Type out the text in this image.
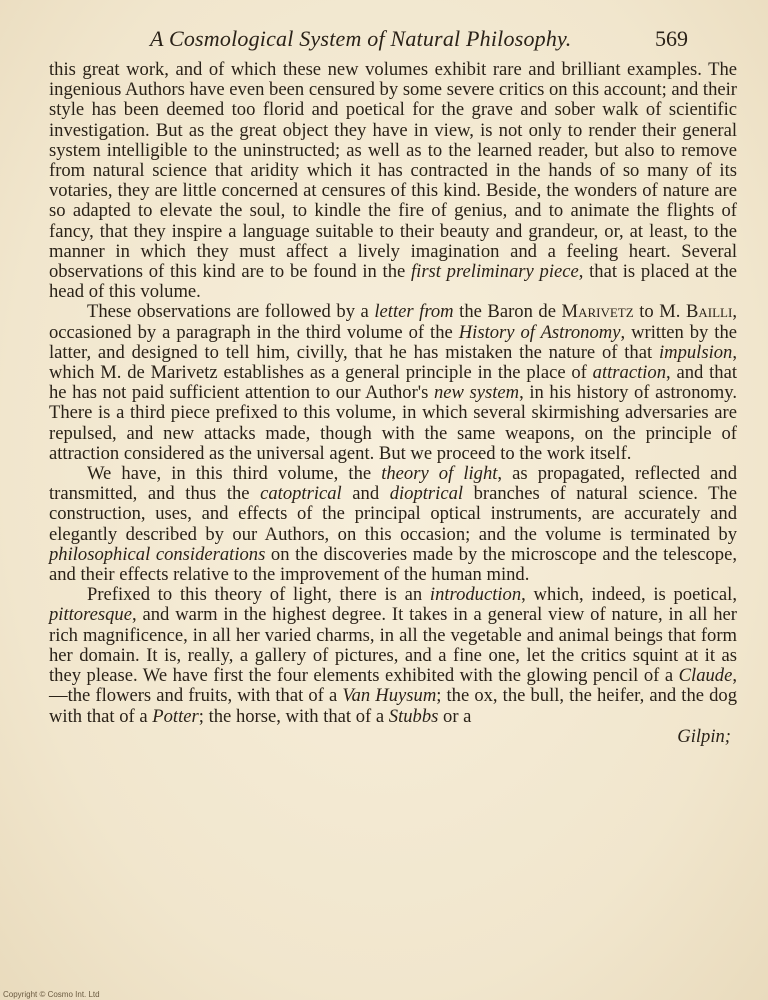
A Cosmological System of Natural Philosophy.	569

this great work, and of which these new volumes exhibit rare and brilliant examples. The ingenious Authors have even been censured by some severe critics on this account; and their style has been deemed too florid and poetical for the grave and sober walk of scientific investigation. But as the great object they have in view, is not only to render their general system intelligible to the uninstructed; as well as to the learned reader, but also to remove from natural science that aridity which it has contracted in the hands of so many of its votaries, they are little concerned at censures of this kind. Beside, the wonders of nature are so adapted to elevate the soul, to kindle the fire of genius, and to animate the flights of fancy, that they inspire a language suitable to their beauty and grandeur, or, at least, to the manner in which they must affect a lively imagination and a feeling heart. Several observations of this kind are to be found in the first preliminary piece, that is placed at the head of this volume.

These observations are followed by a letter from the Baron de Marivetz to M. Bailli, occasioned by a paragraph in the third volume of the History of Astronomy, written by the latter, and designed to tell him, civilly, that he has mistaken the nature of that impulsion, which M. de Marivetz establishes as a general principle in the place of attraction, and that he has not paid sufficient attention to our Author's new system, in his history of astronomy. There is a third piece prefixed to this volume, in which several skirmishing adversaries are repulsed, and new attacks made, though with the same weapons, on the principle of attraction considered as the universal agent. But we proceed to the work itself.

We have, in this third volume, the theory of light, as propagated, reflected and transmitted, and thus the catoptrical and dioptrical branches of natural science. The construction, uses, and effects of the principal optical instruments, are accurately and elegantly described by our Authors, on this occasion; and the volume is terminated by philosophical considerations on the discoveries made by the microscope and the telescope, and their effects relative to the improvement of the human mind.

Prefixed to this theory of light, there is an introduction, which, indeed, is poetical, pittoresque, and warm in the highest degree. It takes in a general view of nature, in all her rich magnificence, in all her varied charms, in all the vegetable and animal beings that form her domain. It is, really, a gallery of pictures, and a fine one, let the critics squint at it as they please. We have first the four elements exhibited with the glowing pencil of a Claude,—the flowers and fruits, with that of a Van Huysum; the ox, the bull, the heifer, and the dog with that of a Potter; the horse, with that of a Stubbs or a

Gilpin;
Copyright © Cosmo Int. Ltd
